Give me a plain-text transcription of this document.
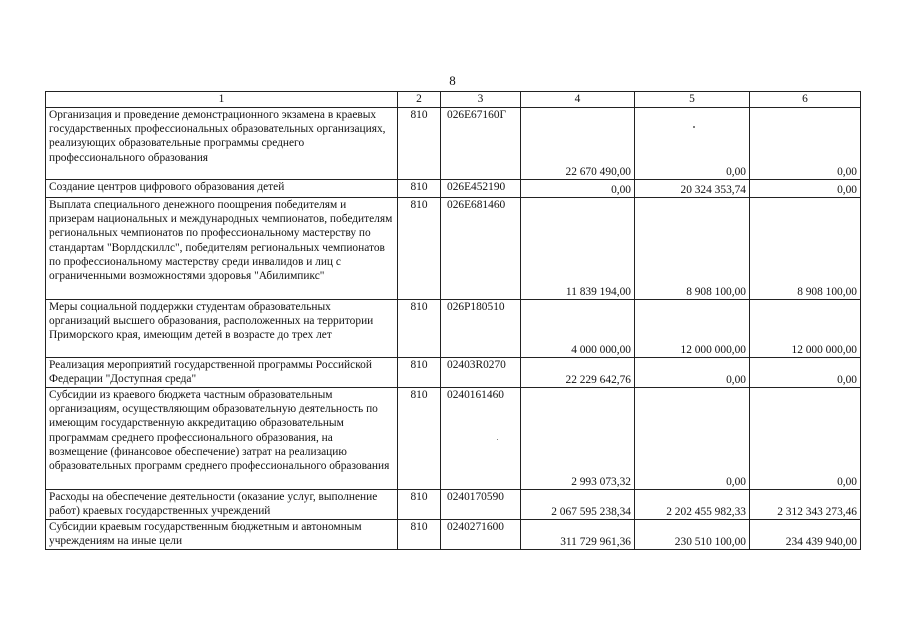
8
1	2	3	4	5	6
Организация и проведение демонстрационного экзамена в краевых государственных профессиональных образовательных организациях, реализующих образовательные программы среднего профессионального образования	810	026Е67160Г	22 670 490,00	0,00	0,00
Создание центров цифрового образования детей	810	026Е452190	0,00	20 324 353,74	0,00
Выплата специального денежного поощрения победителям и призерам национальных и международных чемпионатов, победителям региональных чемпионатов по профессиональному мастерству по стандартам "Ворлдскиллс", победителям региональных чемпионатов по профессиональному мастерству среди инвалидов и лиц с ограниченными возможностями здоровья "Абилимпикс"	810	026Е681460	11 839 194,00	8 908 100,00	8 908 100,00
Меры социальной поддержки студентам образовательных организаций высшего образования, расположенных на территории Приморского края, имеющим детей в возрасте до трех лет	810	026Р180510	4 000 000,00	12 000 000,00	12 000 000,00
Реализация мероприятий государственной программы Российской Федерации "Доступная среда"	810	02403R0270	22 229 642,76	0,00	0,00
Субсидии из краевого бюджета частным образовательным организациям, осуществляющим образовательную деятельность по имеющим государственную аккредитацию образовательным программам среднего профессионального образования, на возмещение (финансовое обеспечение) затрат на реализацию образовательных программ среднего профессионального образования	810	0240161460	2 993 073,32	0,00	0,00
Расходы на обеспечение деятельности (оказание услуг, выполнение работ) краевых государственных учреждений	810	0240170590	2 067 595 238,34	2 202 455 982,33	2 312 343 273,46
Субсидии краевым государственным бюджетным и автономным учреждениям на иные цели	810	0240271600	311 729 961,36	230 510 100,00	234 439 940,00
